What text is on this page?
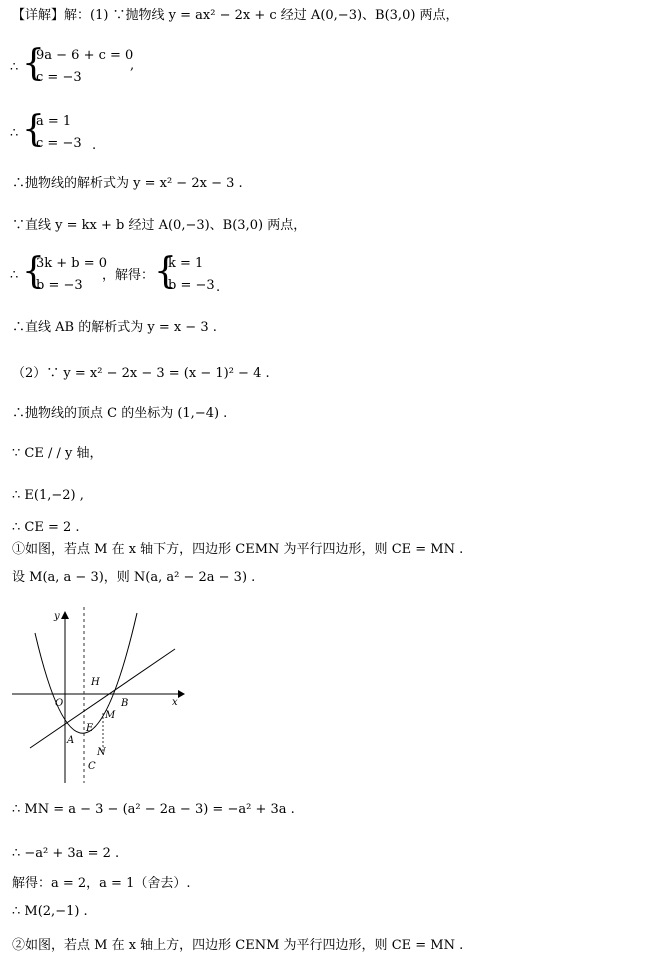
【详解】解：(1) ∵抛物线 y = ax² − 2x + c 经过 A(0,−3)、B(3,0) 两点，
∴ {
9a − 6 + c = 0
c = −3
,
∴ {
a = 1
c = −3 .
∴抛物线的解析式为 y = x² − 2x − 3 .
∵直线 y = kx + b 经过 A(0,−3)、B(3,0) 两点，
∴ {
3k + b = 0
b = −3
，解得： {
k = 1
b = −3 .
∴直线 AB 的解析式为 y = x − 3 .
（2）∵ y = x² − 2x − 3 = (x − 1)² − 4 .
∴抛物线的顶点 C 的坐标为 (1,−4) .
∵ CE / / y 轴，
∴ E(1,−2) ,
∴ CE = 2 .
①如图，若点 M 在 x 轴下方，四边形 CEMN 为平行四边形，则 CE = MN .
设 M(a, a − 3)，则 N(a, a² − 2a − 3) .
y
x
O
A
B
H
M
E
N
C
∴ MN = a − 3 − (a² − 2a − 3) = −a² + 3a .
∴ −a² + 3a = 2 .
解得：a = 2，a = 1（舍去）.
∴ M(2,−1) .
②如图，若点 M 在 x 轴上方，四边形 CENM 为平行四边形，则 CE = MN .
